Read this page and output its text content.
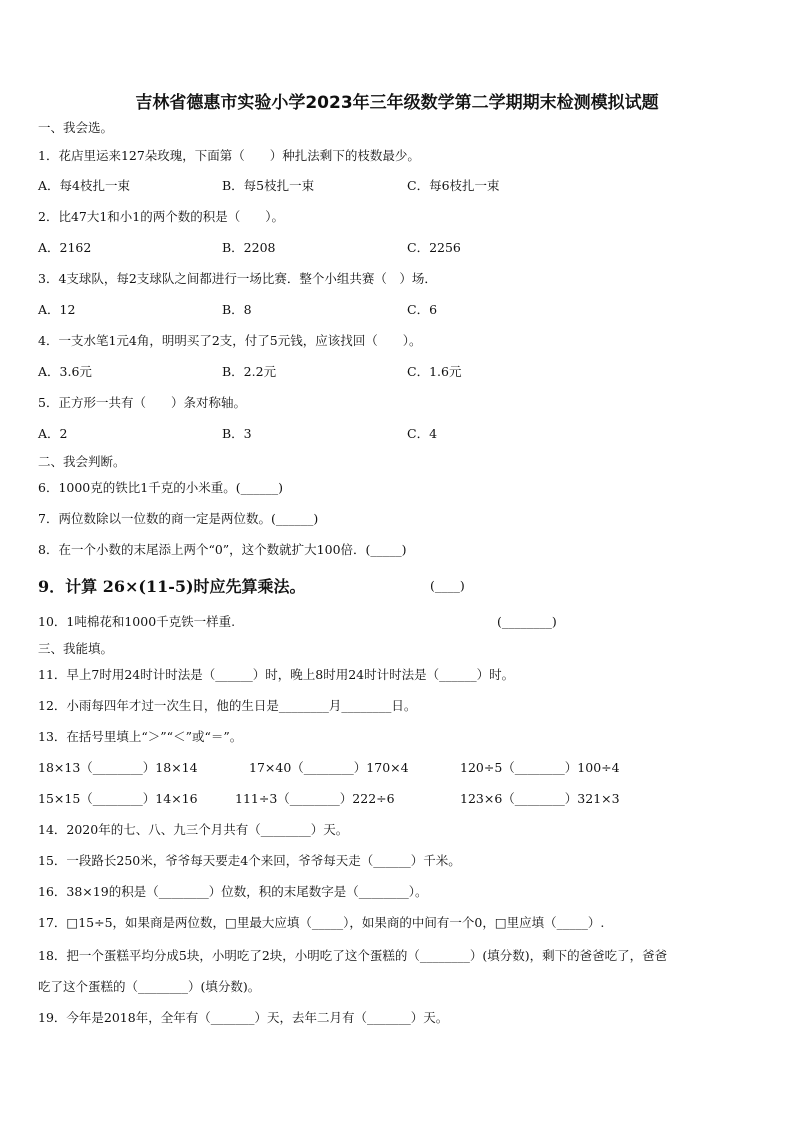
吉林省德惠市实验小学2023年三年级数学第二学期期末检测模拟试题
一、我会选。
1．花店里运来127朵玫瑰，下面第（　　）种扎法剩下的枝数最少。
A．每4枝扎一束	B．每5枝扎一束	C．每6枝扎一束
2．比47大1和小1的两个数的积是（　　）。
A．2162	B．2208	C．2256
3．4支球队，每2支球队之间都进行一场比赛．整个小组共赛（　）场．
A．12	B．8	C．6
4．一支水笔1元4角，明明买了2支，付了5元钱，应该找回（　　）。
A．3.6元	B．2.2元	C．1.6元
5．正方形一共有（　　）条对称轴。
A．2	B．3	C．4
二、我会判断。
6．1000克的铁比1千克的小米重。(______)
7．两位数除以一位数的商一定是两位数。(______)
8．在一个小数的末尾添上两个“0”，这个数就扩大100倍．(_____)
9．计算 26×(11-5)时应先算乘法。	(____)
10．1吨棉花和1000千克铁一样重.	(________)
三、我能填。
11．早上7时用24时计时法是（______）时，晚上8时用24时计时法是（______）时。
12．小雨每四年才过一次生日，他的生日是________月________日。
13．在括号里填上“＞”“＜”或“＝”。
18×13（________）18×14	17×40（________）170×4	120÷5（________）100÷4
15×15（________）14×16	111÷3（________）222÷6	123×6（________）321×3
14．2020年的七、八、九三个月共有（________）天。
15．一段路长250米，爷爷每天要走4个来回，爷爷每天走（______）千米。
16．38×19的积是（________）位数，积的末尾数字是（________）。
17．□15÷5，如果商是两位数，□里最大应填（_____），如果商的中间有一个0，□里应填（_____）.
18．把一个蛋糕平均分成5块，小明吃了2块，小明吃了这个蛋糕的（________）(填分数)，剩下的爸爸吃了，爸爸
吃了这个蛋糕的（________）(填分数)。
19．今年是2018年，全年有（_______）天，去年二月有（_______）天。
